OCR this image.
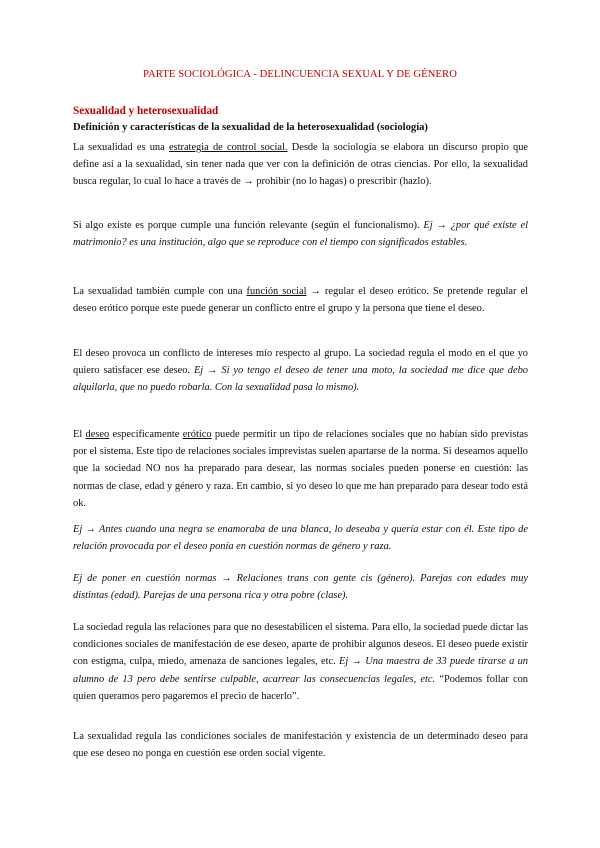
PARTE SOCIOLÓGICA - DELINCUENCIA SEXUAL Y DE GÉNERO
Sexualidad y heterosexualidad
Definición y características de la sexualidad de la heterosexualidad (sociología)
La sexualidad es una estrategia de control social. Desde la sociología se elabora un discurso propio que define así a la sexualidad, sin tener nada que ver con la definición de otras ciencias. Por ello, la sexualidad busca regular, lo cual lo hace a través de → prohibir (no lo hagas) o prescribir (hazlo).
Si algo existe es porque cumple una función relevante (según el funcionalismo). Ej → ¿por qué existe el matrimonio? es una institución, algo que se reproduce con el tiempo con significados estables.
La sexualidad también cumple con una función social → regular el deseo erótico. Se pretende regular el deseo erótico porque este puede generar un conflicto entre el grupo y la persona que tiene el deseo.
El deseo provoca un conflicto de intereses mío respecto al grupo. La sociedad regula el modo en el que yo quiero satisfacer ese deseo. Ej → Si yo tengo el deseo de tener una moto, la sociedad me dice que debo alquilarla, que no puedo robarla. Con la sexualidad pasa lo mismo).
El deseo específicamente erótico puede permitir un tipo de relaciones sociales que no habían sido previstas por el sistema. Este tipo de relaciones sociales imprevistas suelen apartarse de la norma. Si deseamos aquello que la sociedad NO nos ha preparado para desear, las normas sociales pueden ponerse en cuestión: las normas de clase, edad y género y raza. En cambio, si yo deseo lo que me han preparado para desear todo está ok.
Ej → Antes cuando una negra se enamoraba de una blanca, lo deseaba y quería estar con él. Este tipo de relación provocada por el deseo ponía en cuestión normas de género y raza.
Ej de poner en cuestión normas → Relaciones trans con gente cis (género). Parejas con edades muy distintas (edad). Parejas de una persona rica y otra pobre (clase).
La sociedad regula las relaciones para que no desestabilicen el sistema. Para ello, la sociedad puede dictar las condiciones sociales de manifestación de ese deseo, aparte de prohibir algunos deseos. El deseo puede existir con estigma, culpa, miedo, amenaza de sanciones legales, etc. Ej → Una maestra de 33 puede tirarse a un alumno de 13 pero debe sentirse culpable, acarrear las consecuencias legales, etc. “Podemos follar con quien queramos pero pagaremos el precio de hacerlo”.
La sexualidad regula las condiciones sociales de manifestación y existencia de un determinado deseo para que ese deseo no ponga en cuestión ese orden social vigente.
